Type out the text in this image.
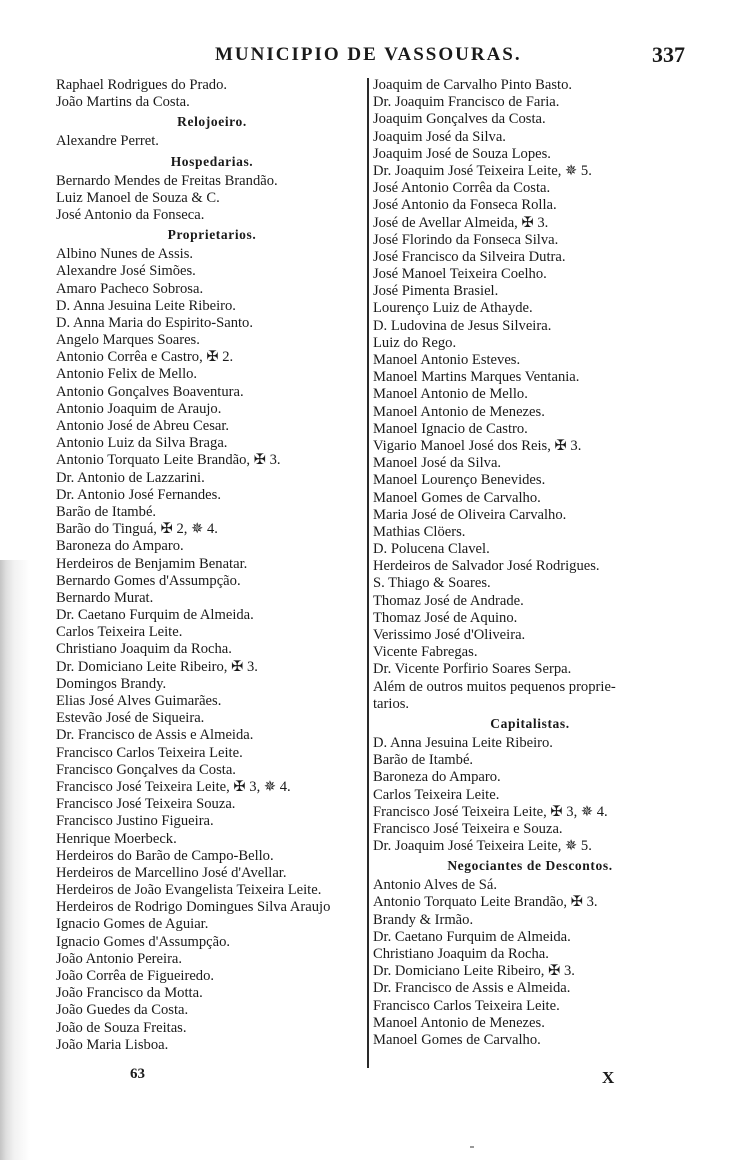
MUNICIPIO DE VASSOURAS.	337
Raphael Rodrigues do Prado.
João Martins da Costa.
Relojoeiro.
Alexandre Perret.
Hospedarias.
Bernardo Mendes de Freitas Brandão.
Luiz Manoel de Souza & C.
José Antonio da Fonseca.
Proprietarios.
Albino Nunes de Assis.
Alexandre José Simões.
Amaro Pacheco Sobrosa.
D. Anna Jesuina Leite Ribeiro.
D. Anna Maria do Espirito-Santo.
Angelo Marques Soares.
Antonio Corrêa e Castro, ✠ 2.
Antonio Felix de Mello.
Antonio Gonçalves Boaventura.
Antonio Joaquim de Araujo.
Antonio José de Abreu Cesar.
Antonio Luiz da Silva Braga.
Antonio Torquato Leite Brandão, ✠ 3.
Dr. Antonio de Lazzarini.
Dr. Antonio José Fernandes.
Barão de Itambé.
Barão do Tinguá, ✠ 2, ✵ 4.
Baroneza do Amparo.
Herdeiros de Benjamim Benatar.
Bernardo Gomes d'Assumpção.
Bernardo Murat.
Dr. Caetano Furquim de Almeida.
Carlos Teixeira Leite.
Christiano Joaquim da Rocha.
Dr. Domiciano Leite Ribeiro, ✠ 3.
Domingos Brandy.
Elias José Alves Guimarães.
Estevão José de Siqueira.
Dr. Francisco de Assis e Almeida.
Francisco Carlos Teixeira Leite.
Francisco Gonçalves da Costa.
Francisco José Teixeira Leite, ✠ 3, ✵ 4.
Francisco José Teixeira Souza.
Francisco Justino Figueira.
Henrique Moerbeck.
Herdeiros do Barão de Campo-Bello.
Herdeiros de Marcellino José d'Avellar.
Herdeiros de João Evangelista Teixeira Leite.
Herdeiros de Rodrigo Domingues Silva Araujo
Ignacio Gomes de Aguiar.
Ignacio Gomes d'Assumpção.
João Antonio Pereira.
João Corrêa de Figueiredo.
João Francisco da Motta.
João Guedes da Costa.
João de Souza Freitas.
João Maria Lisboa.
Joaquim de Carvalho Pinto Basto.
Dr. Joaquim Francisco de Faria.
Joaquim Gonçalves da Costa.
Joaquim José da Silva.
Joaquim José de Souza Lopes.
Dr. Joaquim José Teixeira Leite, ✵ 5.
José Antonio Corrêa da Costa.
José Antonio da Fonseca Rolla.
José de Avellar Almeida, ✠ 3.
José Florindo da Fonseca Silva.
José Francisco da Silveira Dutra.
José Manoel Teixeira Coelho.
José Pimenta Brasiel.
Lourenço Luiz de Athayde.
D. Ludovina de Jesus Silveira.
Luiz do Rego.
Manoel Antonio Esteves.
Manoel Martins Marques Ventania.
Manoel Antonio de Mello.
Manoel Antonio de Menezes.
Manoel Ignacio de Castro.
Vigario Manoel José dos Reis, ✠ 3.
Manoel José da Silva.
Manoel Lourenço Benevides.
Manoel Gomes de Carvalho.
Maria José de Oliveira Carvalho.
Mathias Clöers.
D. Polucena Clavel.
Herdeiros de Salvador José Rodrigues.
S. Thiago & Soares.
Thomaz José de Andrade.
Thomaz José de Aquino.
Verissimo José d'Oliveira.
Vicente Fabregas.
Dr. Vicente Porfirio Soares Serpa.
Além de outros muitos pequenos proprie-
tarios.
Capitalistas.
D. Anna Jesuina Leite Ribeiro.
Barão de Itambé.
Baroneza do Amparo.
Carlos Teixeira Leite.
Francisco José Teixeira Leite, ✠ 3, ✵ 4.
Francisco José Teixeira e Souza.
Dr. Joaquim José Teixeira Leite, ✵ 5.
Negociantes de Descontos.
Antonio Alves de Sá.
Antonio Torquato Leite Brandão, ✠ 3.
Brandy & Irmão.
Dr. Caetano Furquim de Almeida.
Christiano Joaquim da Rocha.
Dr. Domiciano Leite Ribeiro, ✠ 3.
Dr. Francisco de Assis e Almeida.
Francisco Carlos Teixeira Leite.
Manoel Antonio de Menezes.
Manoel Gomes de Carvalho.
63	X
